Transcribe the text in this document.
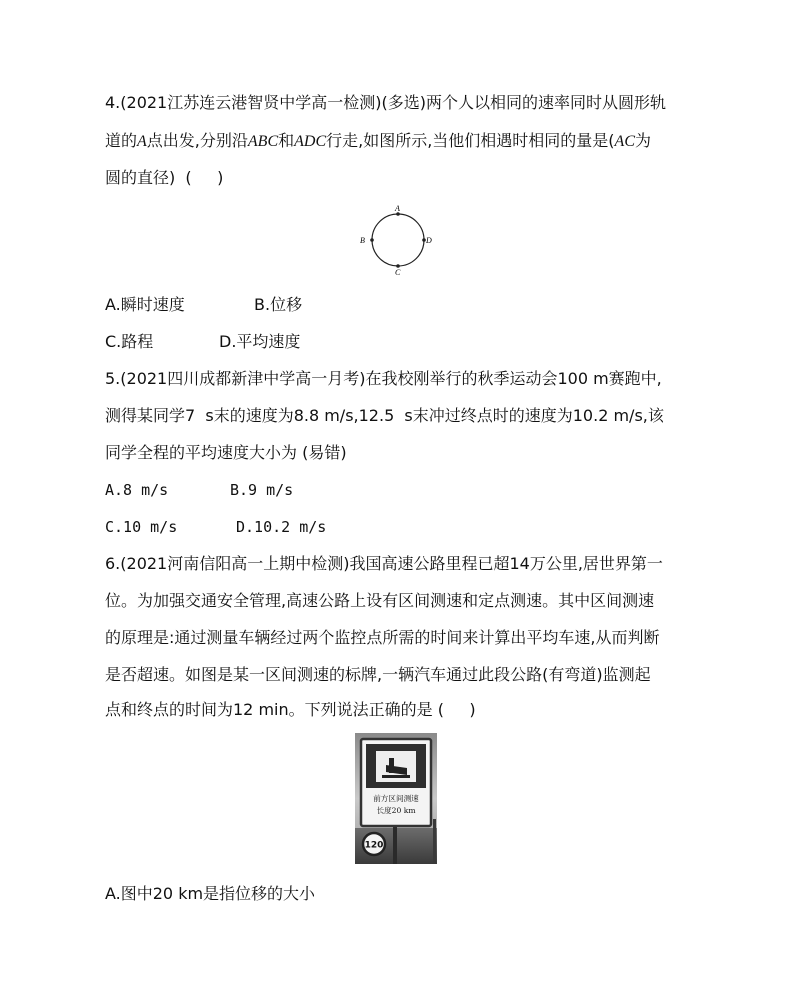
4.(2021江苏连云港智贤中学高一检测)(多选)两个人以相同的速率同时从圆形轨
道的A点出发,分别沿ABC和ADC行走,如图所示,当他们相遇时相同的量是(AC为
圆的直径)  (     )
A
B
C
D
A.瞬时速度	B.位移
C.路程	D.平均速度
5.(2021四川成都新津中学高一月考)在我校刚举行的秋季运动会100 m赛跑中,
测得某同学7  s末的速度为8.8 m/s,12.5  s末冲过终点时的速度为10.2 m/s,该
同学全程的平均速度大小为 (易错)
A.8 m/s	B.9 m/s
C.10 m/s	D.10.2 m/s
6.(2021河南信阳高一上期中检测)我国高速公路里程已超14万公里,居世界第一
位。为加强交通安全管理,高速公路上设有区间测速和定点测速。其中区间测速
的原理是:通过测量车辆经过两个监控点所需的时间来计算出平均车速,从而判断
是否超速。如图是某一区间测速的标牌,一辆汽车通过此段公路(有弯道)监测起
点和终点的时间为12 min。下列说法正确的是 (     )
前方区间测速
长度20 km
120
A.图中20 km是指位移的大小
